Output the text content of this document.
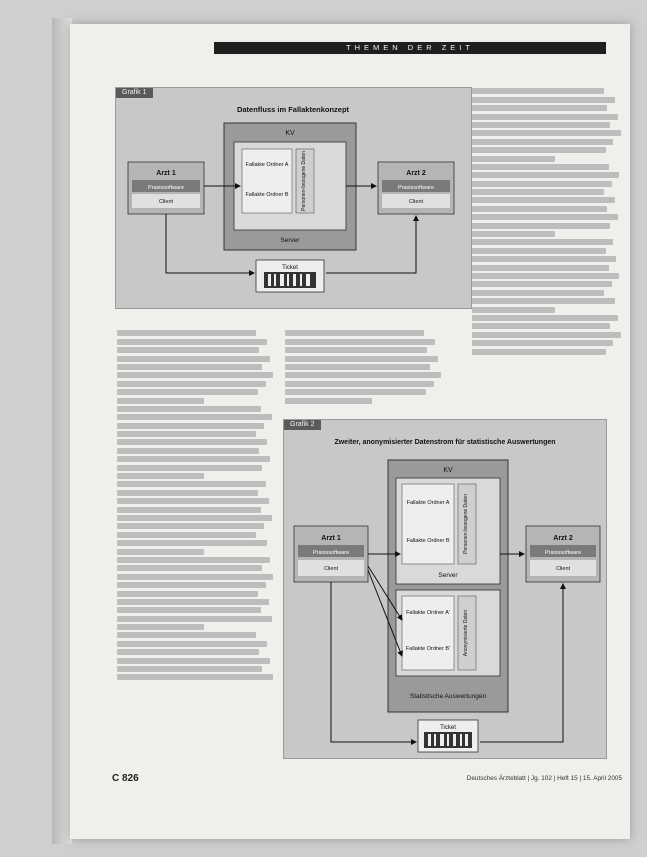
THEMEN DER ZEIT
Datenfluss im Fallaktenkonzept
KV
Fallakte Ordner A
Fallakte Ordner B Personen-bezogene Daten
Server
Arzt 1
Praxissoftware
Client
Arzt 2
Praxissoftware
Client
Ticket
Grafik 1
Zweiter, anonymisierter Datenstrom für statistische Auswertungen
KV
Fallakte Ordner A
Fallakte Ordner B	Personen-bezogene Daten
Server
Fallakte Ordner A'
Fallakte Ordner B'	Anonymisierte Daten
Statistische Auswertungen
Arzt 1
Praxissoftware
Client
Arzt 2
Praxissoftware
Client
Ticket
Grafik 2
C 826	Deutsches Ärzteblatt | Jg. 102 | Heft 15 | 15. April 2005
